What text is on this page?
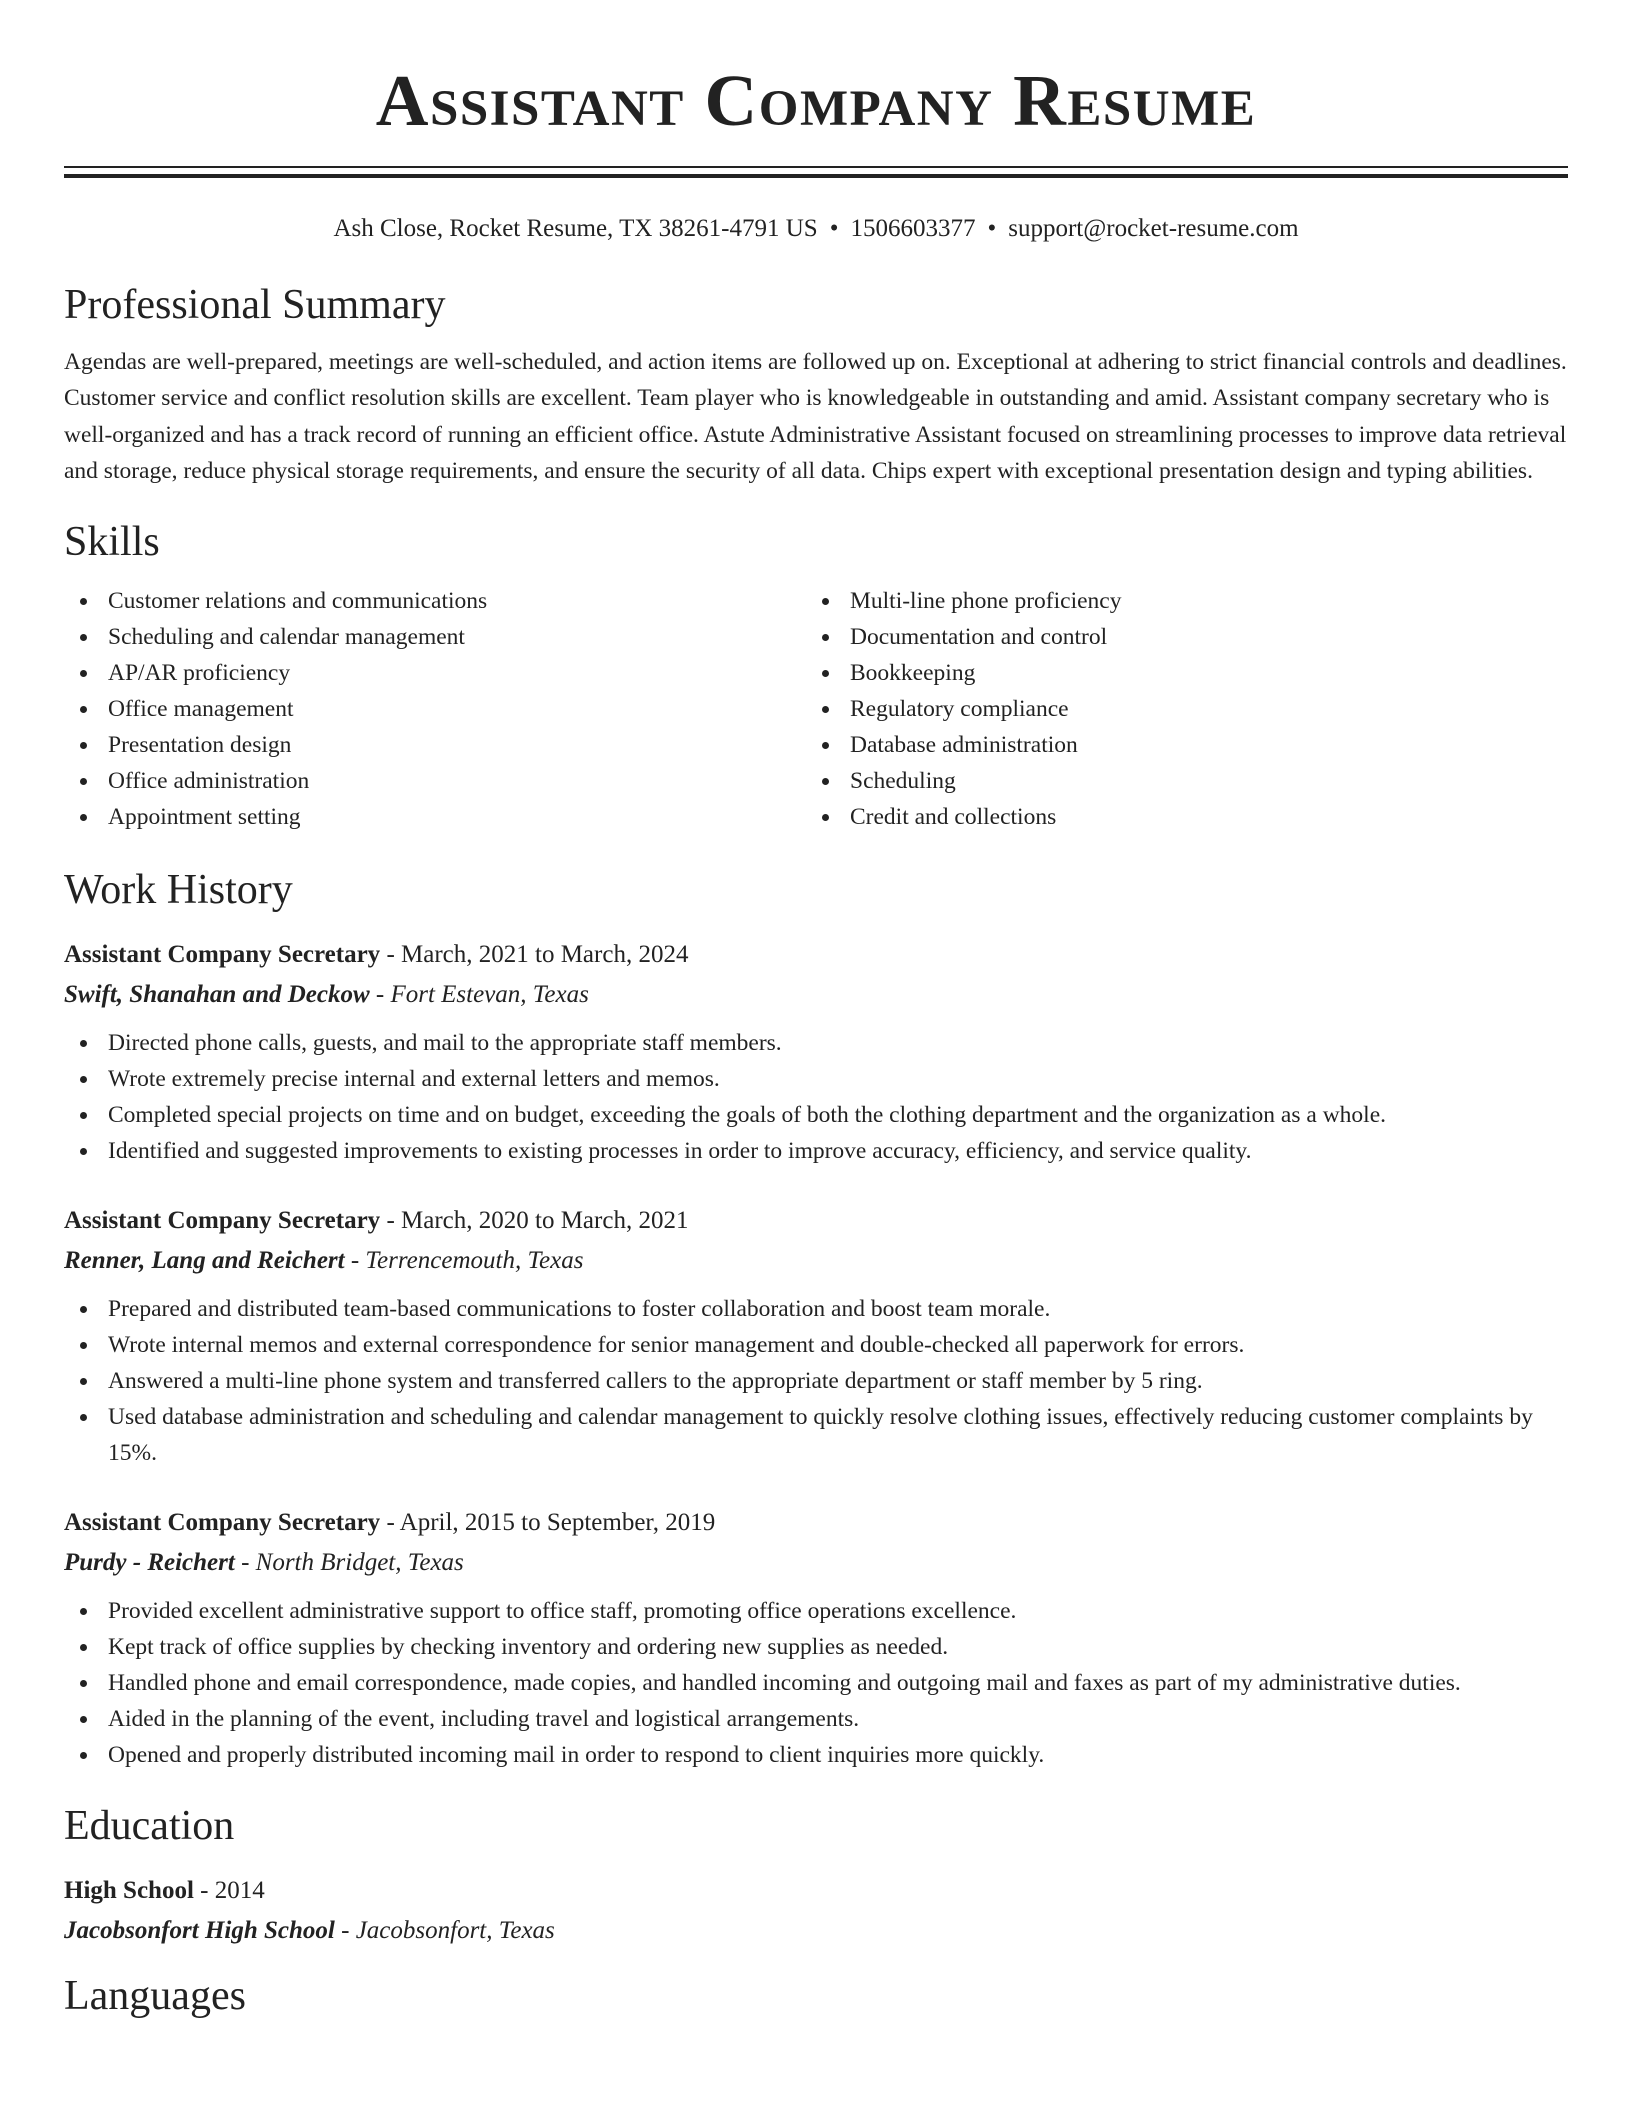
Assistant Company Resume
Ash Close, Rocket Resume, TX 38261-4791 US • 1506603377 • support@rocket-resume.com
Professional Summary

Agendas are well-prepared, meetings are well-scheduled, and action items are followed up on. Exceptional at adhering to strict financial controls and deadlines. Customer service and conflict resolution skills are excellent. Team player who is knowledgeable in outstanding and amid. Assistant company secretary who is well-organized and has a track record of running an efficient office. Astute Administrative Assistant focused on streamlining processes to improve data retrieval and storage, reduce physical storage requirements, and ensure the security of all data. Chips expert with exceptional presentation design and typing abilities.

Skills
Customer relations and communications
Scheduling and calendar management
AP/AR proficiency
Office management
Presentation design
Office administration
Appointment setting
Multi-line phone proficiency
Documentation and control
Bookkeeping
Regulatory compliance
Database administration
Scheduling
Credit and collections
Work History
Assistant Company Secretary - March, 2021 to March, 2024
Swift, Shanahan and Deckow - Fort Estevan, Texas
Directed phone calls, guests, and mail to the appropriate staff members.
Wrote extremely precise internal and external letters and memos.
Completed special projects on time and on budget, exceeding the goals of both the clothing department and the organization as a whole.
Identified and suggested improvements to existing processes in order to improve accuracy, efficiency, and service quality.
Assistant Company Secretary - March, 2020 to March, 2021
Renner, Lang and Reichert - Terrencemouth, Texas
Prepared and distributed team-based communications to foster collaboration and boost team morale.
Wrote internal memos and external correspondence for senior management and double-checked all paperwork for errors.
Answered a multi-line phone system and transferred callers to the appropriate department or staff member by 5 ring.
Used database administration and scheduling and calendar management to quickly resolve clothing issues, effectively reducing customer complaints by 15%.
Assistant Company Secretary - April, 2015 to September, 2019
Purdy - Reichert - North Bridget, Texas
Provided excellent administrative support to office staff, promoting office operations excellence.
Kept track of office supplies by checking inventory and ordering new supplies as needed.
Handled phone and email correspondence, made copies, and handled incoming and outgoing mail and faxes as part of my administrative duties.
Aided in the planning of the event, including travel and logistical arrangements.
Opened and properly distributed incoming mail in order to respond to client inquiries more quickly.
Education
High School - 2014
Jacobsonfort High School - Jacobsonfort, Texas
Languages
